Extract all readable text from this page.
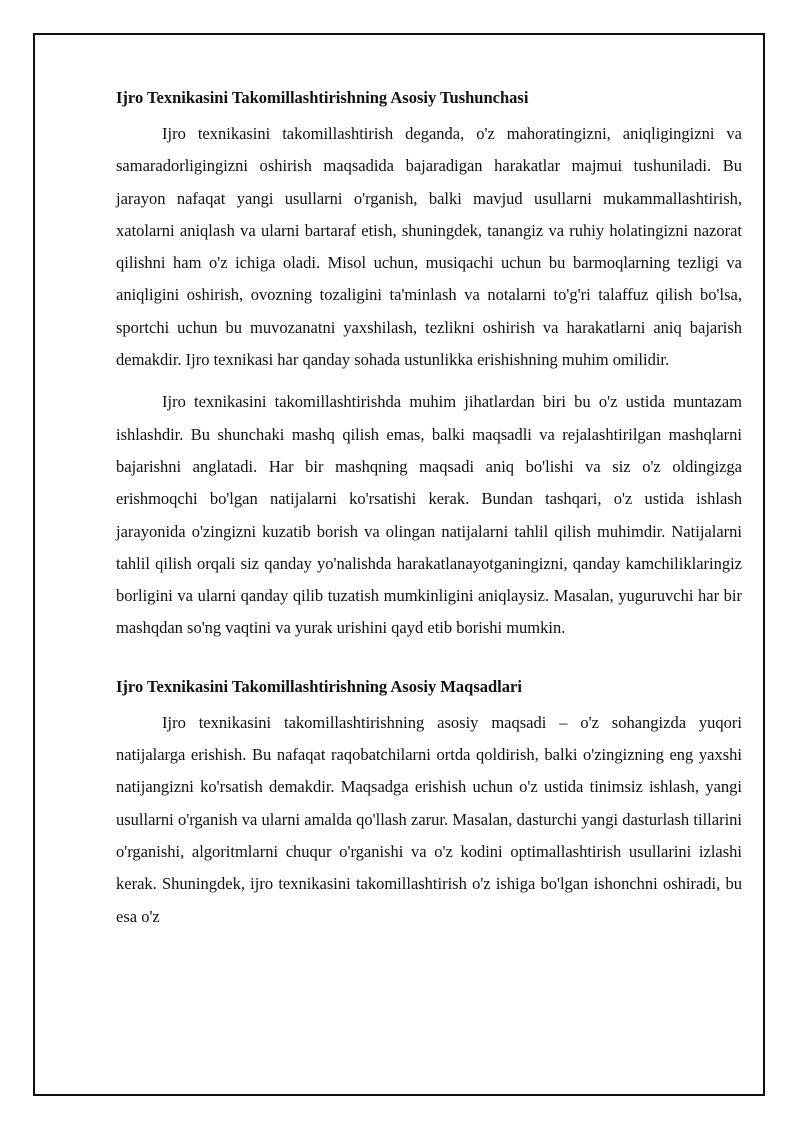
Ijro Texnikasini Takomillashtirishning Asosiy Tushunchasi

Ijro texnikasini takomillashtirish deganda, o'z mahoratingizni, aniqligingizni va samaradorligingizni oshirish maqsadida bajaradigan harakatlar majmui tushuniladi. Bu jarayon nafaqat yangi usullarni o'rganish, balki mavjud usullarni mukammallashtirish, xatolarni aniqlash va ularni bartaraf etish, shuningdek, tanangiz va ruhiy holatingizni nazorat qilishni ham o'z ichiga oladi. Misol uchun, musiqachi uchun bu barmoqlarning tezligi va aniqligini oshirish, ovozning tozaligini ta'minlash va notalarni to'g'ri talaffuz qilish bo'lsa, sportchi uchun bu muvozanatni yaxshilash, tezlikni oshirish va harakatlarni aniq bajarish demakdir. Ijro texnikasi har qanday sohada ustunlikka erishishning muhim omilidir.

Ijro texnikasini takomillashtirishda muhim jihatlardan biri bu o'z ustida muntazam ishlashdir. Bu shunchaki mashq qilish emas, balki maqsadli va rejalashtirilgan mashqlarni bajarishni anglatadi. Har bir mashqning maqsadi aniq bo'lishi va siz o'z oldingizga erishmoqchi bo'lgan natijalarni ko'rsatishi kerak. Bundan tashqari, o'z ustida ishlash jarayonida o'zingizni kuzatib borish va olingan natijalarni tahlil qilish muhimdir. Natijalarni tahlil qilish orqali siz qanday yo'nalishda harakatlanayotganingizni, qanday kamchiliklaringiz borligini va ularni qanday qilib tuzatish mumkinligini aniqlaysiz. Masalan, yuguruvchi har bir mashqdan so'ng vaqtini va yurak urishini qayd etib borishi mumkin.

Ijro Texnikasini Takomillashtirishning Asosiy Maqsadlari

Ijro texnikasini takomillashtirishning asosiy maqsadi – o'z sohangizda yuqori natijalarga erishish. Bu nafaqat raqobatchilarni ortda qoldirish, balki o'zingizning eng yaxshi natijangizni ko'rsatish demakdir. Maqsadga erishish uchun o'z ustida tinimsiz ishlash, yangi usullarni o'rganish va ularni amalda qo'llash zarur. Masalan, dasturchi yangi dasturlash tillarini o'rganishi, algoritmlarni chuqur o'rganishi va o'z kodini optimallashtirish usullarini izlashi kerak. Shuningdek, ijro texnikasini takomillashtirish o'z ishiga bo'lgan ishonchni oshiradi, bu esa o'z
